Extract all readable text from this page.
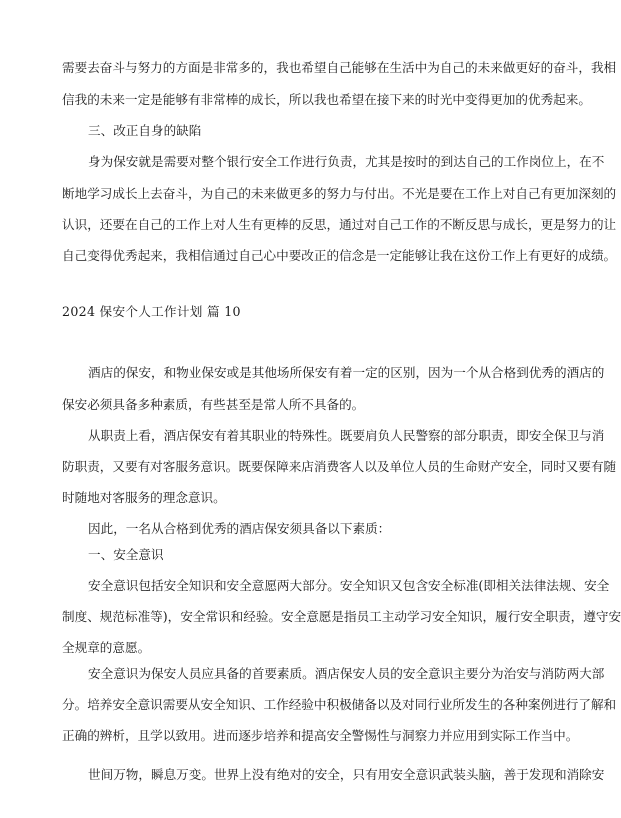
需要去奋斗与努力的方面是非常多的，我也希望自己能够在生活中为自己的未来做更好的奋斗，我相
信我的未来一定是能够有非常棒的成长，所以我也希望在接下来的时光中变得更加的优秀起来。
三、改正自身的缺陷
身为保安就是需要对整个银行安全工作进行负责，尤其是按时的到达自己的工作岗位上，在不
断地学习成长上去奋斗，为自己的未来做更多的努力与付出。不光是要在工作上对自己有更加深刻的
认识，还要在自己的工作上对人生有更棒的反思，通过对自己工作的不断反思与成长，更是努力的让
自己变得优秀起来，我相信通过自己心中要改正的信念是一定能够让我在这份工作上有更好的成绩。
2024 保安个人工作计划 篇 10
酒店的保安，和物业保安或是其他场所保安有着一定的区别，因为一个从合格到优秀的酒店的
保安必须具备多种素质，有些甚至是常人所不具备的。
从职责上看，酒店保安有着其职业的特殊性。既要肩负人民警察的部分职责，即安全保卫与消
防职责，又要有对客服务意识。既要保障来店消费客人以及单位人员的生命财产安全，同时又要有随
时随地对客服务的理念意识。
因此，一名从合格到优秀的酒店保安须具备以下素质：
一、安全意识
安全意识包括安全知识和安全意愿两大部分。安全知识又包含安全标准(即相关法律法规、安全
制度、规范标准等)，安全常识和经验。安全意愿是指员工主动学习安全知识，履行安全职责，遵守安
全规章的意愿。
安全意识为保安人员应具备的首要素质。酒店保安人员的安全意识主要分为治安与消防两大部
分。培养安全意识需要从安全知识、工作经验中积极储备以及对同行业所发生的各种案例进行了解和
正确的辨析，且学以致用。进而逐步培养和提高安全警惕性与洞察力并应用到实际工作当中。
世间万物，瞬息万变。世界上没有绝对的安全，只有用安全意识武装头脑，善于发现和消除安
